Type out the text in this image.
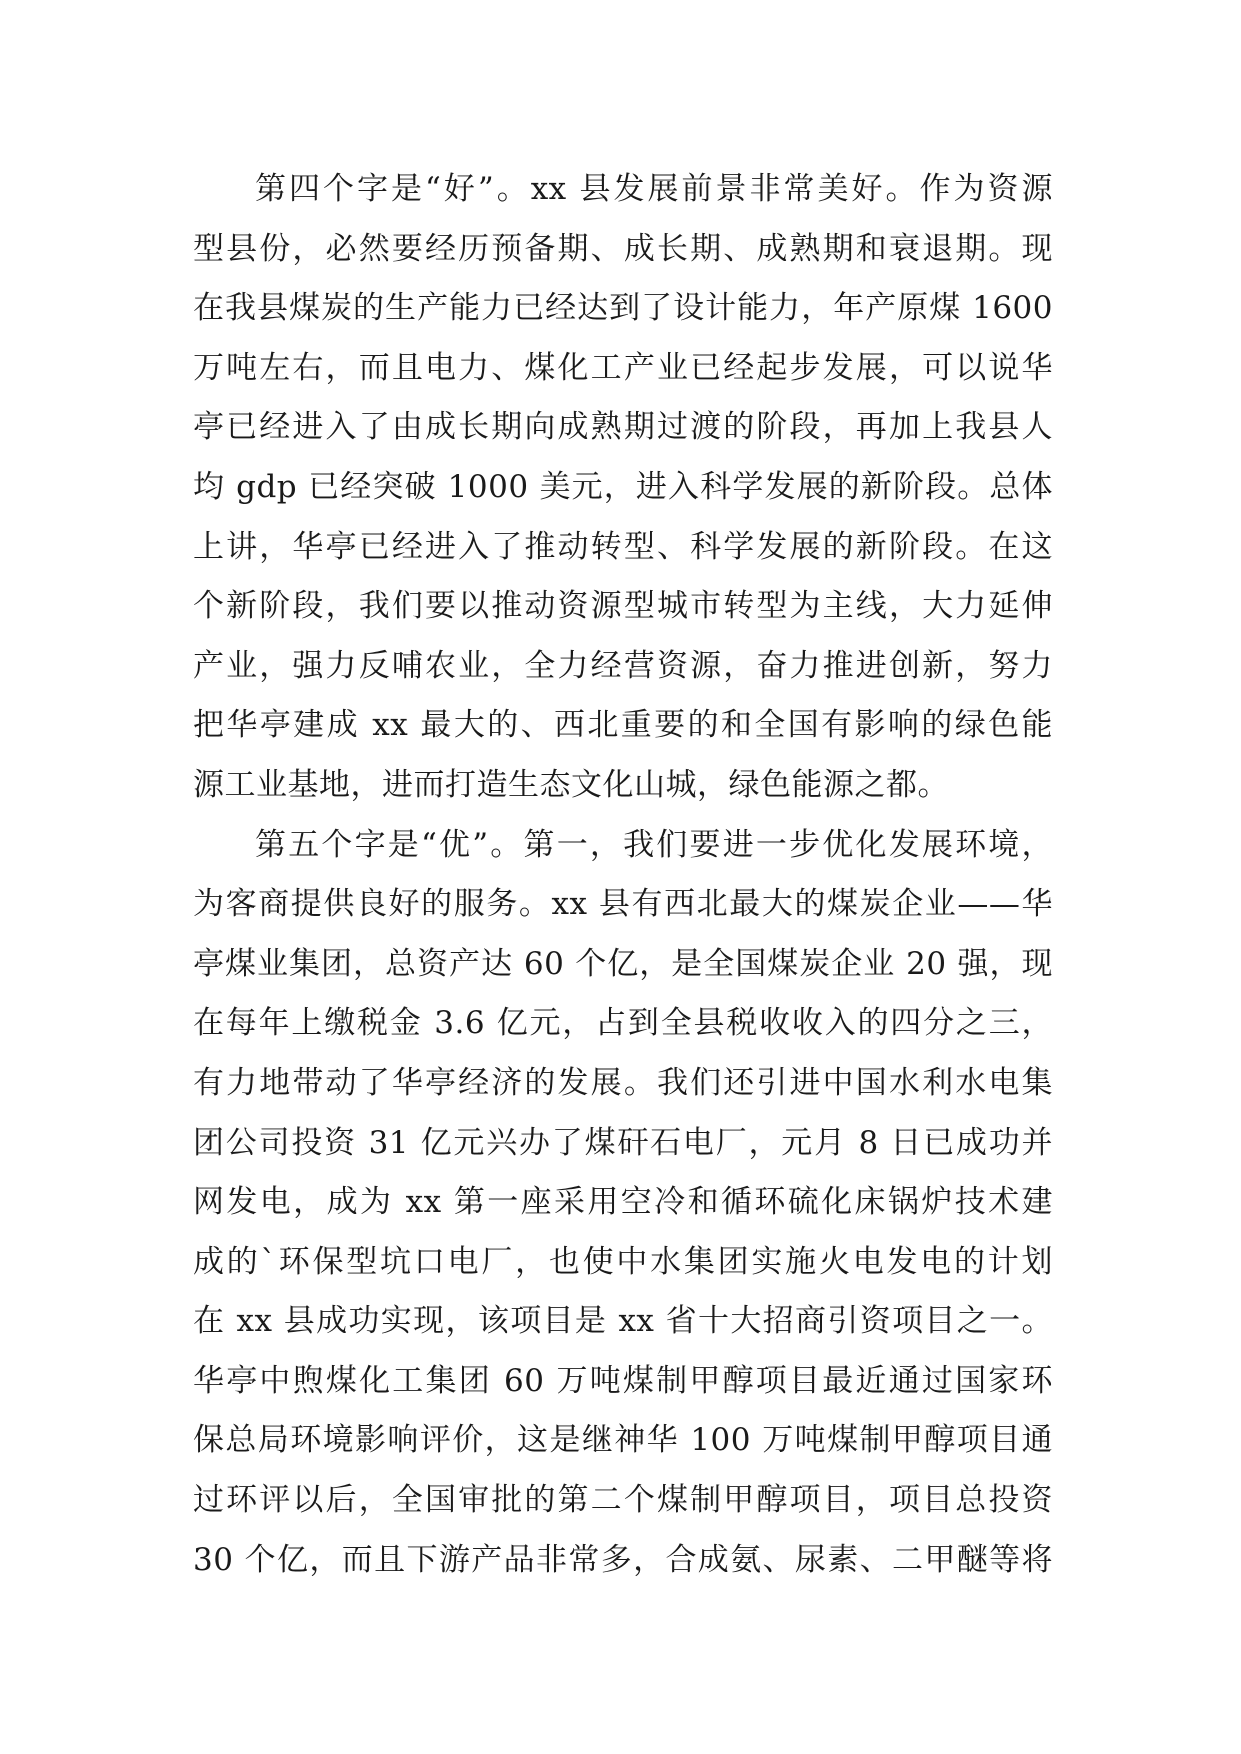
第四个字是“好”。xx 县发展前景非常美好。作为资源
型县份，必然要经历预备期、成长期、成熟期和衰退期。现
在我县煤炭的生产能力已经达到了设计能力，年产原煤 1600
万吨左右，而且电力、煤化工产业已经起步发展，可以说华
亭已经进入了由成长期向成熟期过渡的阶段，再加上我县人
均 gdp 已经突破 1000 美元，进入科学发展的新阶段。总体
上讲，华亭已经进入了推动转型、科学发展的新阶段。在这
个新阶段，我们要以推动资源型城市转型为主线，大力延伸
产业，强力反哺农业，全力经营资源，奋力推进创新，努力
把华亭建成 xx 最大的、西北重要的和全国有影响的绿色能
源工业基地，进而打造生态文化山城，绿色能源之都。
第五个字是“优”。第一，我们要进一步优化发展环境，
为客商提供良好的服务。xx 县有西北最大的煤炭企业——华
亭煤业集团，总资产达 60 个亿，是全国煤炭企业 20 强，现
在每年上缴税金 3.6 亿元，占到全县税收收入的四分之三，
有力地带动了华亭经济的发展。我们还引进中国水利水电集
团公司投资 31 亿元兴办了煤矸石电厂，元月 8 日已成功并
网发电，成为 xx 第一座采用空冷和循环硫化床锅炉技术建
成的`环保型坑口电厂，也使中水集团实施火电发电的计划
在 xx 县成功实现，该项目是 xx 省十大招商引资项目之一。
华亭中煦煤化工集团 60 万吨煤制甲醇项目最近通过国家环
保总局环境影响评价，这是继神华 100 万吨煤制甲醇项目通
过环评以后，全国审批的第二个煤制甲醇项目，项目总投资
30 个亿，而且下游产品非常多，合成氨、尿素、二甲醚等将
